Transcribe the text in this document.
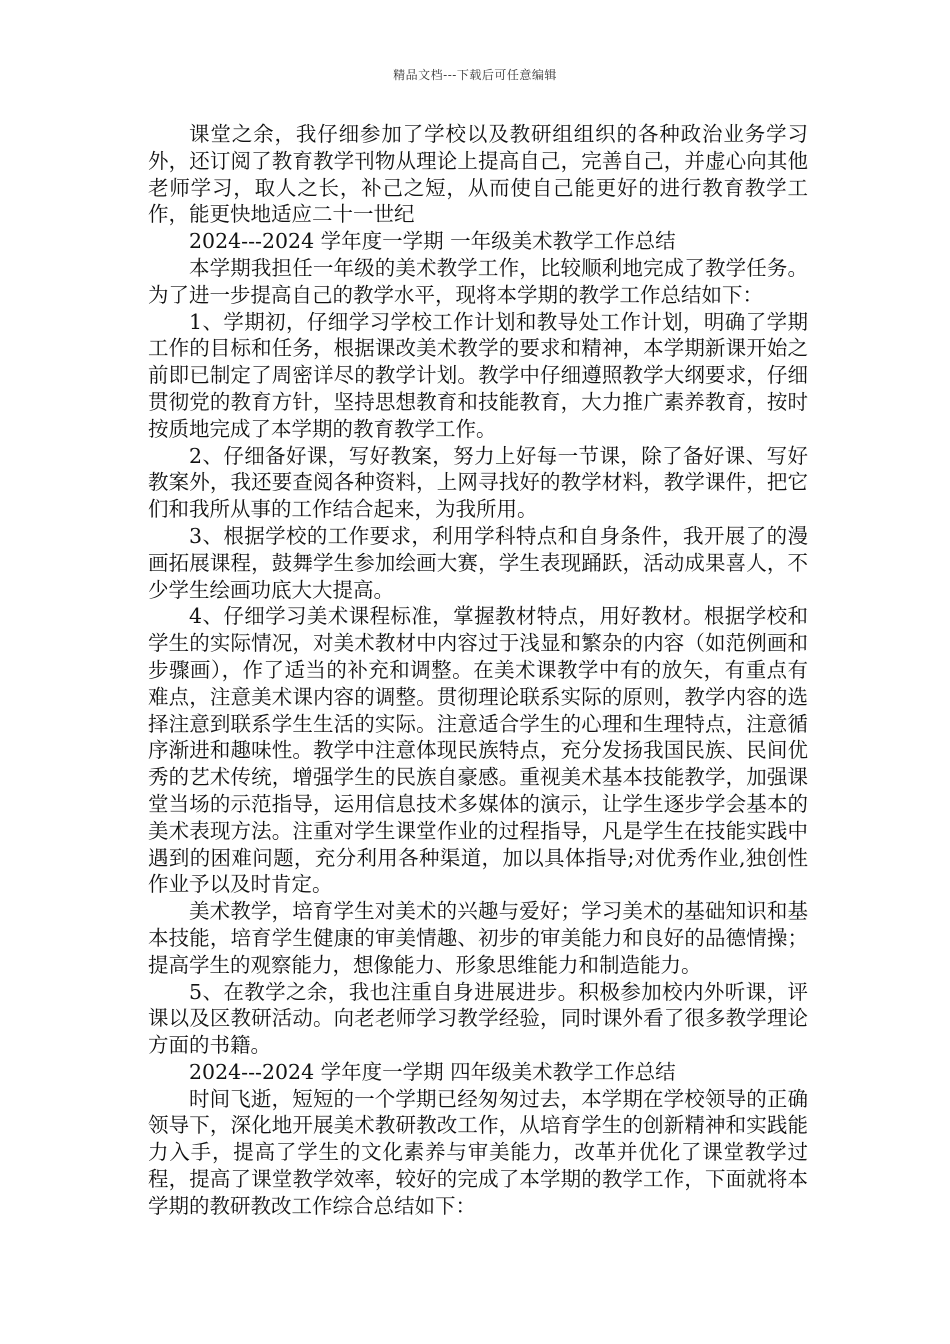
精品文档---下载后可任意编辑

课堂之余，我仔细参加了学校以及教研组组织的各种政治业务学习外，还订阅了教育教学刊物从理论上提高自己，完善自己，并虚心向其他老师学习，取人之长，补己之短，从而使自己能更好的进行教育教学工作，能更快地适应二十一世纪

2024---2024 学年度一学期 一年级美术教学工作总结

本学期我担任一年级的美术教学工作，比较顺利地完成了教学任务。为了进一步提高自己的教学水平，现将本学期的教学工作总结如下：

1、学期初，仔细学习学校工作计划和教导处工作计划，明确了学期工作的目标和任务，根据课改美术教学的要求和精神，本学期新课开始之前即已制定了周密详尽的教学计划。教学中仔细遵照教学大纲要求，仔细贯彻党的教育方针，坚持思想教育和技能教育，大力推广素养教育，按时按质地完成了本学期的教育教学工作。

2、仔细备好课，写好教案，努力上好每一节课，除了备好课、写好教案外，我还要查阅各种资料，上网寻找好的教学材料，教学课件，把它们和我所从事的工作结合起来，为我所用。

3、根据学校的工作要求，利用学科特点和自身条件，我开展了的漫画拓展课程，鼓舞学生参加绘画大赛，学生表现踊跃，活动成果喜人，不少学生绘画功底大大提高。

4、仔细学习美术课程标准，掌握教材特点，用好教材。根据学校和学生的实际情况，对美术教材中内容过于浅显和繁杂的内容（如范例画和步骤画），作了适当的补充和调整。在美术课教学中有的放矢，有重点有难点，注意美术课内容的调整。贯彻理论联系实际的原则，教学内容的选择注意到联系学生生活的实际。注意适合学生的心理和生理特点，注意循序渐进和趣味性。教学中注意体现民族特点，充分发扬我国民族、民间优秀的艺术传统，增强学生的民族自豪感。重视美术基本技能教学，加强课堂当场的示范指导，运用信息技术多媒体的演示，让学生逐步学会基本的美术表现方法。注重对学生课堂作业的过程指导，凡是学生在技能实践中遇到的困难问题，充分利用各种渠道，加以具体指导;对优秀作业,独创性作业予以及时肯定。

美术教学，培育学生对美术的兴趣与爱好；学习美术的基础知识和基本技能，培育学生健康的审美情趣、初步的审美能力和良好的品德情操；提高学生的观察能力，想像能力、形象思维能力和制造能力。

5、在教学之余，我也注重自身进展进步。积极参加校内外听课，评课以及区教研活动。向老老师学习教学经验，同时课外看了很多教学理论方面的书籍。

2024---2024 学年度一学期 四年级美术教学工作总结

时间飞逝，短短的一个学期已经匆匆过去，本学期在学校领导的正确领导下，深化地开展美术教研教改工作，从培育学生的创新精神和实践能力入手，提高了学生的文化素养与审美能力，改革并优化了课堂教学过程，提高了课堂教学效率，较好的完成了本学期的教学工作，下面就将本学期的教研教改工作综合总结如下：
